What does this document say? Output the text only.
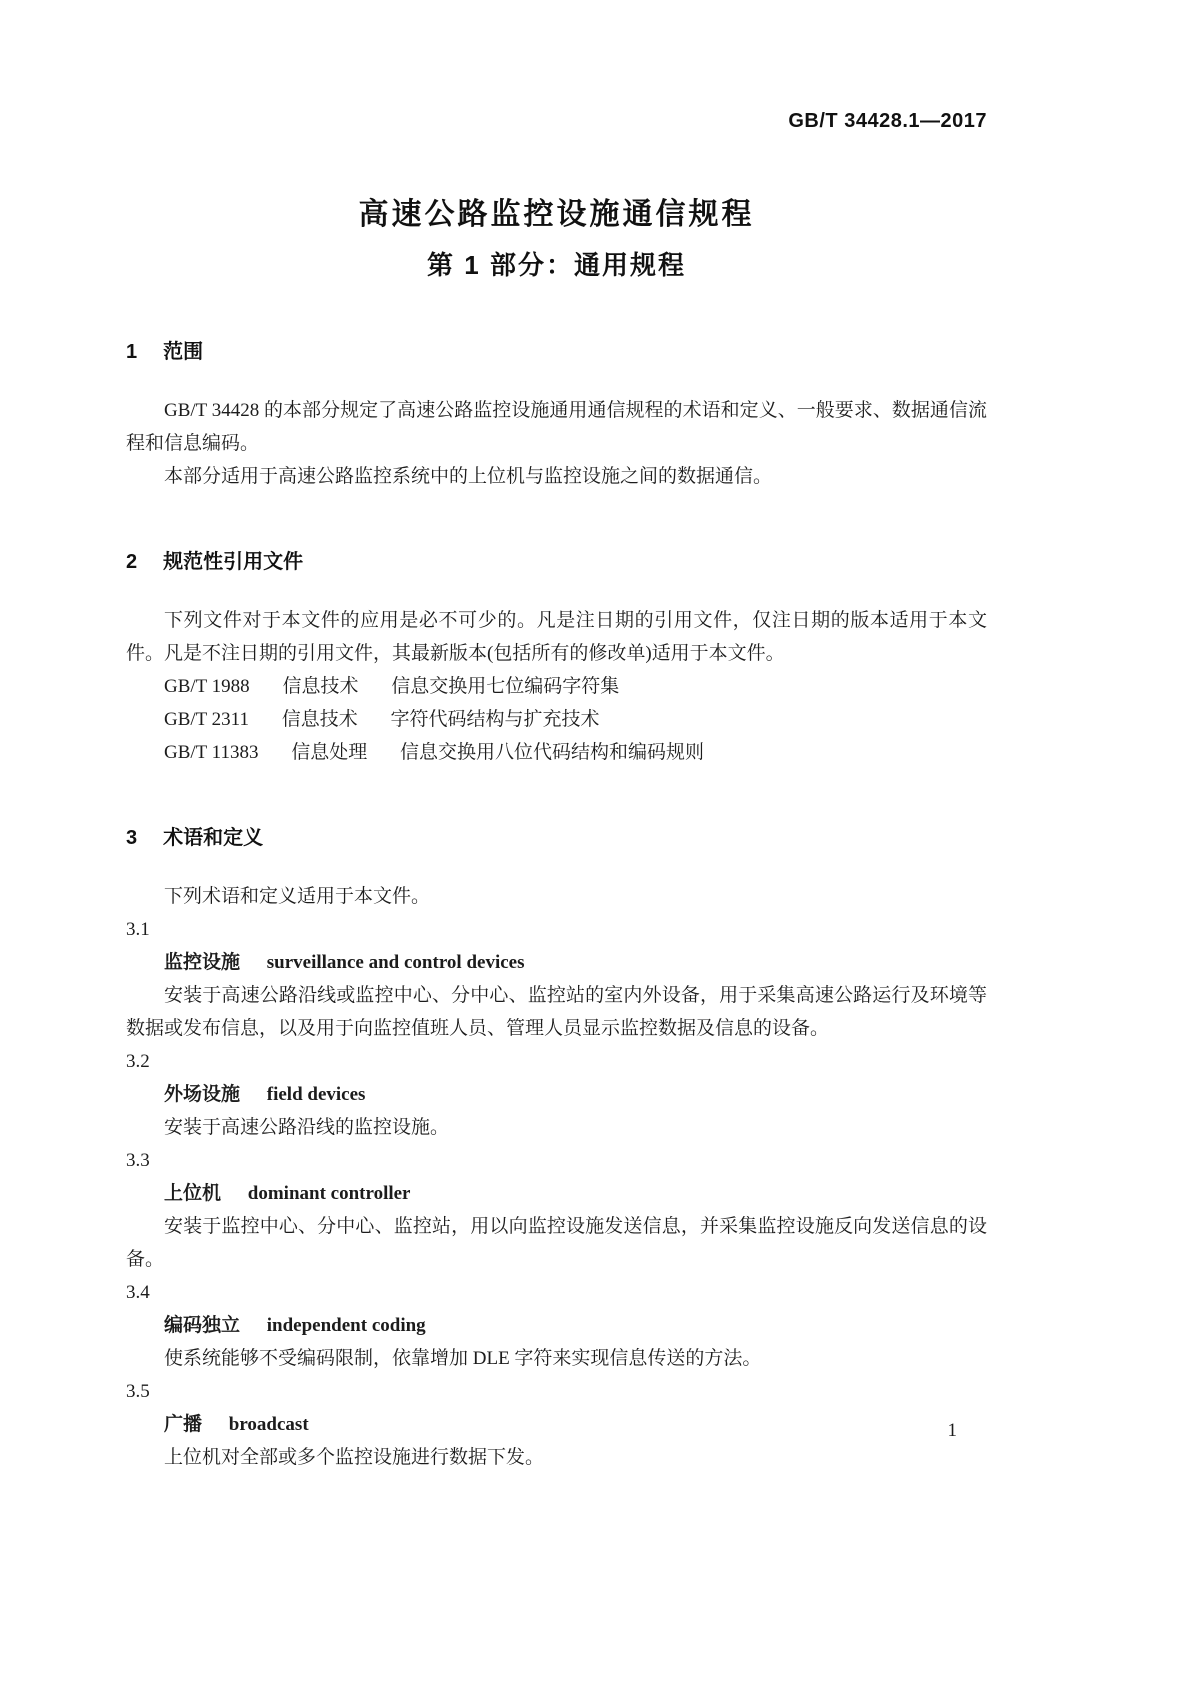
GB/T 34428.1—2017
高速公路监控设施通信规程
第 1 部分：通用规程
1 范围

GB/T 34428 的本部分规定了高速公路监控设施通用通信规程的术语和定义、一般要求、数据通信流程和信息编码。

本部分适用于高速公路监控系统中的上位机与监控设施之间的数据通信。

2 规范性引用文件

下列文件对于本文件的应用是必不可少的。凡是注日期的引用文件，仅注日期的版本适用于本文件。凡是不注日期的引用文件，其最新版本(包括所有的修改单)适用于本文件。

GB/T 1988 信息技术 信息交换用七位编码字符集

GB/T 2311 信息技术 字符代码结构与扩充技术

GB/T 11383 信息处理 信息交换用八位代码结构和编码规则

3 术语和定义

下列术语和定义适用于本文件。

3.1
监控设施 surveillance and control devices

安装于高速公路沿线或监控中心、分中心、监控站的室内外设备，用于采集高速公路运行及环境等数据或发布信息，以及用于向监控值班人员、管理人员显示监控数据及信息的设备。

3.2
外场设施 field devices

安装于高速公路沿线的监控设施。

3.3
上位机 dominant controller

安装于监控中心、分中心、监控站，用以向监控设施发送信息，并采集监控设施反向发送信息的设备。

3.4
编码独立 independent coding

使系统能够不受编码限制，依靠增加 DLE 字符来实现信息传送的方法。

3.5
广播 broadcast

上位机对全部或多个监控设施进行数据下发。

1
